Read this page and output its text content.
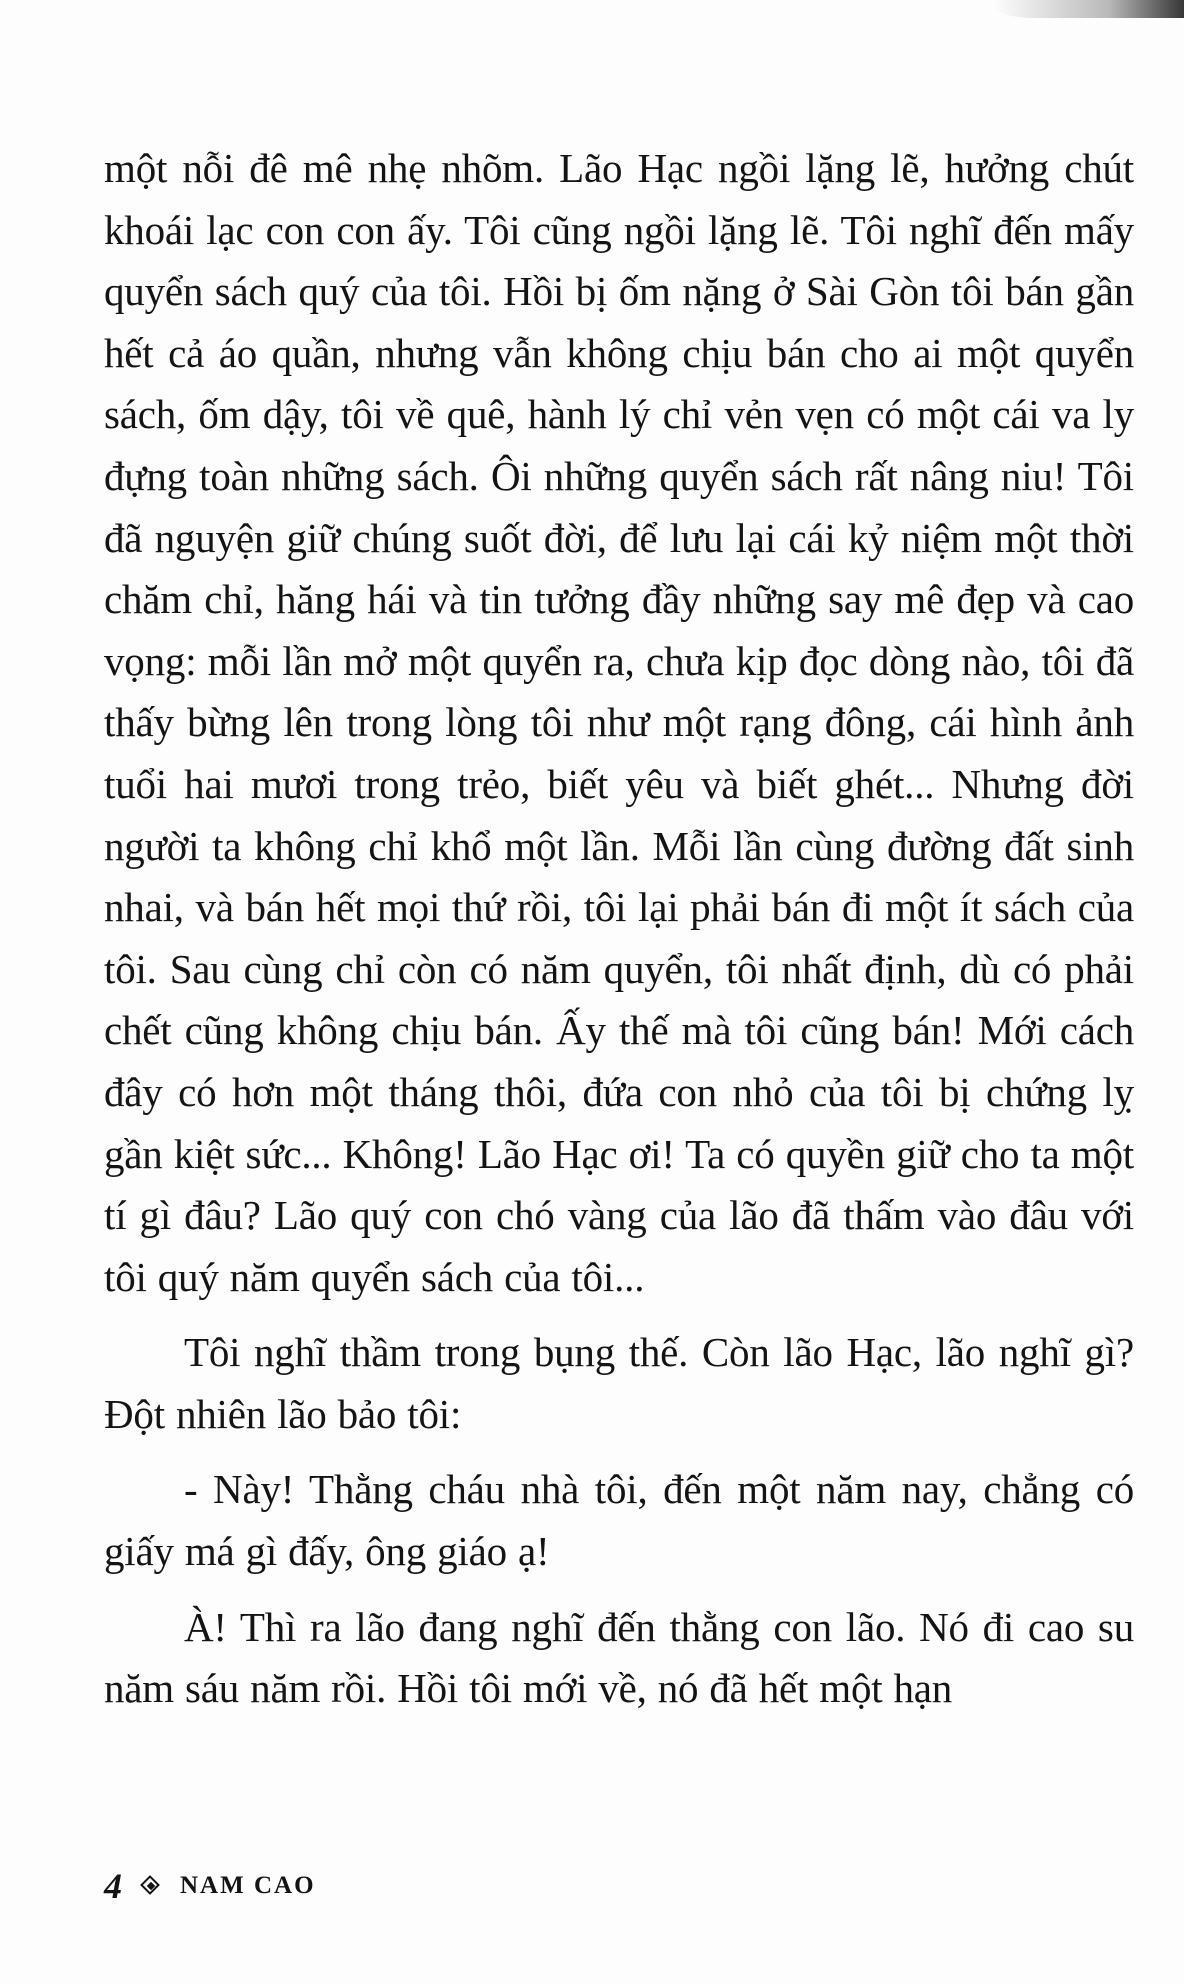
một nỗi đê mê nhẹ nhõm. Lão Hạc ngồi lặng lẽ, hưởng chút khoái lạc con con ấy. Tôi cũng ngồi lặng lẽ. Tôi nghĩ đến mấy quyển sách quý của tôi. Hồi bị ốm nặng ở Sài Gòn tôi bán gần hết cả áo quần, nhưng vẫn không chịu bán cho ai một quyển sách, ốm dậy, tôi về quê, hành lý chỉ vẻn vẹn có một cái va ly đựng toàn những sách. Ôi những quyển sách rất nâng niu! Tôi đã nguyện giữ chúng suốt đời, để lưu lại cái kỷ niệm một thời chăm chỉ, hăng hái và tin tưởng đầy những say mê đẹp và cao vọng: mỗi lần mở một quyển ra, chưa kịp đọc dòng nào, tôi đã thấy bừng lên trong lòng tôi như một rạng đông, cái hình ảnh tuổi hai mươi trong trẻo, biết yêu và biết ghét... Nhưng đời người ta không chỉ khổ một lần. Mỗi lần cùng đường đất sinh nhai, và bán hết mọi thứ rồi, tôi lại phải bán đi một ít sách của tôi. Sau cùng chỉ còn có năm quyển, tôi nhất định, dù có phải chết cũng không chịu bán. Ấy thế mà tôi cũng bán! Mới cách đây có hơn một tháng thôi, đứa con nhỏ của tôi bị chứng lỵ gần kiệt sức... Không! Lão Hạc ơi! Ta có quyền giữ cho ta một tí gì đâu? Lão quý con chó vàng của lão đã thấm vào đâu với tôi quý năm quyển sách của tôi...

Tôi nghĩ thầm trong bụng thế. Còn lão Hạc, lão nghĩ gì? Đột nhiên lão bảo tôi:

- Này! Thằng cháu nhà tôi, đến một năm nay, chẳng có giấy má gì đấy, ông giáo ạ!

À! Thì ra lão đang nghĩ đến thằng con lão. Nó đi cao su năm sáu năm rồi. Hồi tôi mới về, nó đã hết một hạn

4 NAM CAO
